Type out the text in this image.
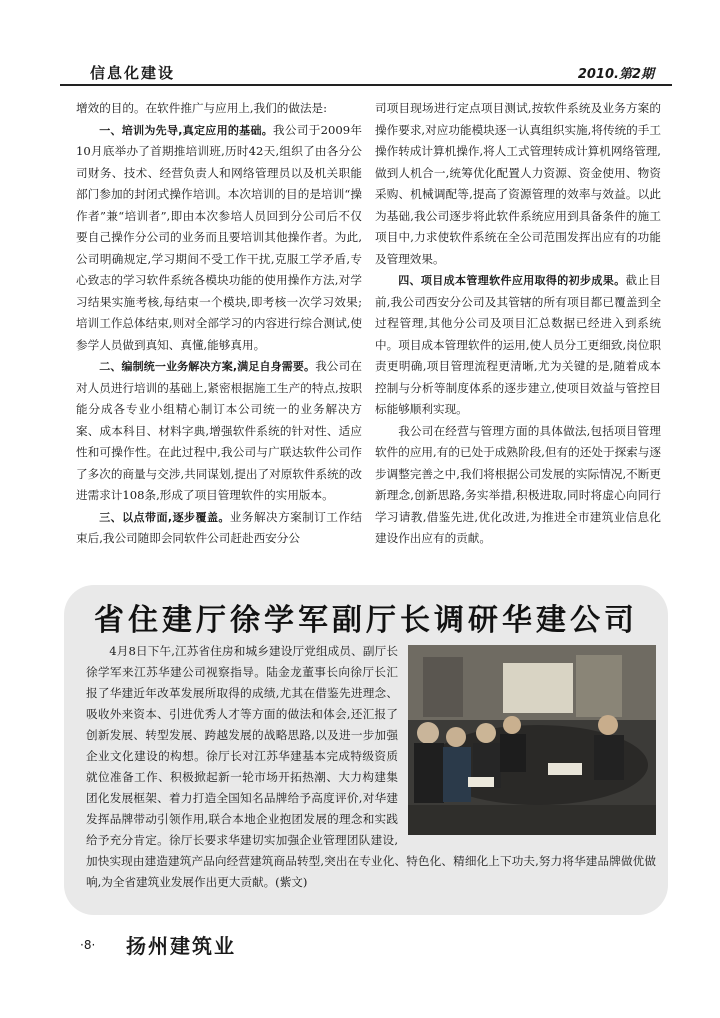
信息化建设	2010.第2期

增效的目的。在软件推广与应用上,我们的做法是:

一、培训为先导,真定应用的基础。我公司于2009年10月底举办了首期推培训班,历时42天,组织了由各分公司财务、技术、经营负责人和网络管理员以及机关职能部门参加的封闭式操作培训。本次培训的目的是培训“操作者”兼“培训者”,即由本次参培人员回到分公司后不仅要自己操作分公司的业务而且要培训其他操作者。为此,公司明确规定,学习期间不受工作干扰,克服工学矛盾,专心致志的学习软件系统各模块功能的使用操作方法,对学习结果实施考核,每结束一个模块,即考核一次学习效果;培训工作总体结束,则对全部学习的内容进行综合测试,使参学人员做到真知、真懂,能够真用。

二、编制统一业务解决方案,满足自身需要。我公司在对人员进行培训的基础上,紧密根据施工生产的特点,按职能分成各专业小组精心制订本公司统一的业务解决方案、成本科目、材料字典,增强软件系统的针对性、适应性和可操作性。在此过程中,我公司与广联达软件公司作了多次的商量与交涉,共同谋划,提出了对原软件系统的改进需求计108条,形成了项目管理软件的实用版本。

三、以点带面,逐步覆盖。业务解决方案制订工作结束后,我公司随即会同软件公司赶赴西安分公

司项目现场进行定点项目测试,按软件系统及业务方案的操作要求,对应功能模块逐一认真组织实施,将传统的手工操作转成计算机操作,将人工式管理转成计算机网络管理,做到人机合一,统筹优化配置人力资源、资金使用、物资采购、机械调配等,提高了资源管理的效率与效益。以此为基础,我公司逐步将此软件系统应用到具备条件的施工项目中,力求使软件系统在全公司范围发挥出应有的功能及管理效果。

四、项目成本管理软件应用取得的初步成果。截止目前,我公司西安分公司及其管辖的所有项目都已覆盖到全过程管理,其他分公司及项目汇总数据已经进入到系统中。项目成本管理软件的运用,使人员分工更细致,岗位职责更明确,项目管理流程更清晰,尤为关键的是,随着成本控制与分析等制度体系的逐步建立,使项目效益与管控目标能够顺利实现。

我公司在经营与管理方面的具体做法,包括项目管理软件的应用,有的已处于成熟阶段,但有的还处于探索与逐步调整完善之中,我们将根据公司发展的实际情况,不断更新理念,创新思路,务实举措,积极进取,同时将虚心向同行学习请教,借鉴先进,优化改进,为推进全市建筑业信息化建设作出应有的贡献。

省住建厅徐学军副厅长调研华建公司
4月8日下午,江苏省住房和城乡建设厅党组成员、副厅长徐学军来江苏华建公司视察指导。陆金龙董事长向徐厅长汇报了华建近年改革发展所取得的成绩,尤其在借鉴先进理念、吸收外来资本、引进优秀人才等方面的做法和体会,还汇报了创新发展、转型发展、跨越发展的战略思路,以及进一步加强企业文化建设的构想。徐厅长对江苏华建基本完成特级资质就位准备工作、积极掀起新一轮市场开拓热潮、大力构建集团化发展框架、着力打造全国知名品牌给予高度评价,对华建发挥品牌带动引领作用,联合本地企业抱团发展的理念和实践给予充分肯定。徐厅长要求华建切实加强企业管理团队建设,加快实现由建造建筑产品向经营建筑商品转型,突出在专业化、特色化、精细化上下功夫,努力将华建品牌做优做响,为全省建筑业发展作出更大贡献。(紫文)
·8· 扬州建筑业
